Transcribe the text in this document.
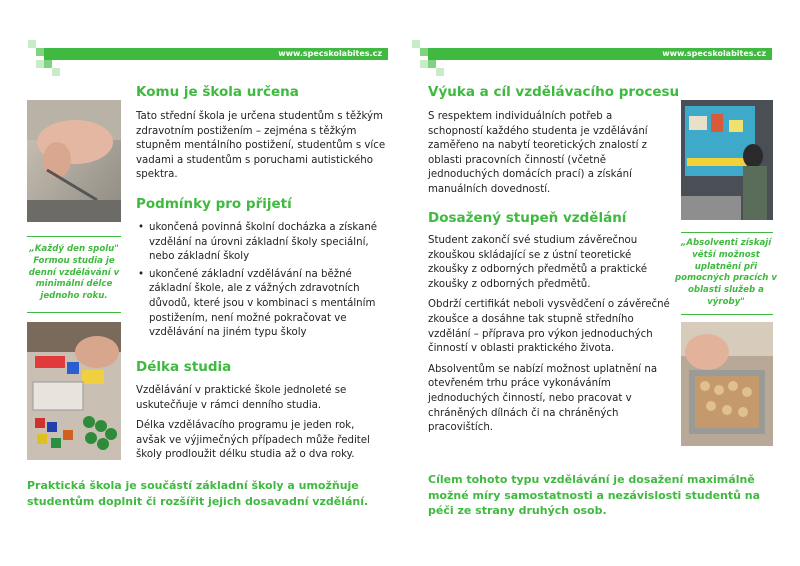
www.specskolabites.cz
„Každý den spolu" Formou studia je denní vzdělávání v minimální délce jednoho roku.
Komu je škola určena

Tato střední škola je určena studentům s těžkým zdravotním postižením – zejména s těžkým stupněm mentálního postižení, studentům s více vadami a studentům s poruchami autistického spektra.

Podmínky pro přijetí
• ukončená povinná školní docházka a získané vzdělání na úrovni základní školy speciální, nebo základní školy
• ukončené základní vzdělávání na běžné základní škole, ale z vážných zdravotních důvodů, které jsou v kombinaci s mentálním postižením, není možné pokračovat ve vzdělávání na jiném typu školy
Délka studia

Vzdělávání v praktické škole jednoleté se uskutečňuje v rámci denního studia.

Délka vzdělávacího programu je jeden rok, avšak ve výjimečných případech může ředitel školy prodloužit délku studia až o dva roky.

Praktická škola je součástí základní školy a umožňuje studentům doplnit či rozšířit jejich dosavadní vzdělání.

www.specskolabites.cz
Výuka a cíl vzdělávacího procesu

S respektem individuálních potřeb a schopností každého studenta je vzdělávání zaměřeno na nabytí teoretických znalostí z oblasti pracovních činností (včetně jednoduchých domácích prací) a získání manuálních dovedností.

Dosažený stupeň vzdělání

Student zakončí své studium závěrečnou zkouškou skládající se z ústní teoretické zkoušky z odborných předmětů a praktické zkoušky z odborných předmětů.

Obdrží certifikát neboli vysvědčení o závěrečné zkoušce a dosáhne tak stupně středního vzdělání – příprava pro výkon jednoduchých činností v oblasti praktického života.

Absolventům se nabízí možnost uplatnění na otevřeném trhu práce vykonáváním jednoduchých činností, nebo pracovat v chráněných dílnách či na chráněných pracovištích.

„Absolventi získají větší možnost uplatnění při pomocných pracích v oblasti služeb a výroby"

Cílem tohoto typu vzdělávání je dosažení maximálně možné míry samostatnosti a nezávislosti studentů na péči ze strany druhých osob.
